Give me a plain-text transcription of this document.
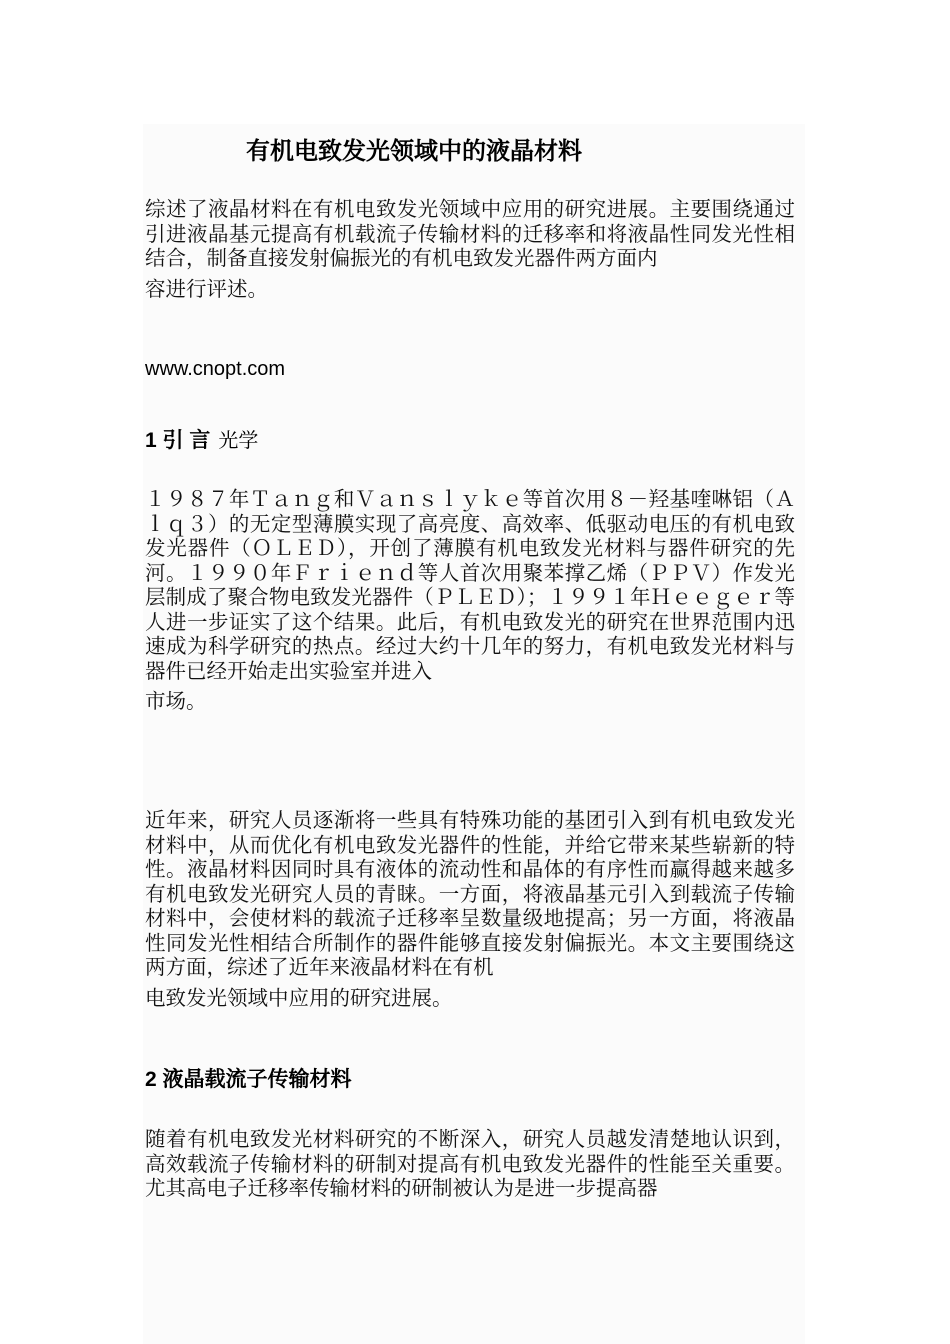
有机电致发光领域中的液晶材料

综述了液晶材料在有机电致发光领域中应用的研究进展。主要围绕通过引进液晶基元提高有机载流子传输材料的迁移率和将液晶性同发光性相结合，制备直接发射偏振光的有机电致发光器件两方面内
容进行评述。

www.cnopt.com

1 引 言 光学

１９８７年Ｔａｎｇ和Ｖａｎｓｌｙｋｅ等首次用８－羟基喹啉铝（Ａｌｑ３）的无定型薄膜实现了高亮度、高效率、低驱动电压的有机电致发光器件（ＯＬＥＤ），开创了薄膜有机电致发光材料与器件研究的先河。１９９０年Ｆｒｉｅｎｄ等人首次用聚苯撑乙烯（ＰＰＶ）作发光层制成了聚合物电致发光器件（ＰＬＥＤ）；１９９１年Ｈｅｅｇｅｒ等人进一步证实了这个结果。此后，有机电致发光的研究在世界范围内迅速成为科学研究的热点。经过大约十几年的努力，有机电致发光材料与器件已经开始走出实验室并进入
市场。

近年来，研究人员逐渐将一些具有特殊功能的基团引入到有机电致发光材料中，从而优化有机电致发光器件的性能，并给它带来某些崭新的特性。液晶材料因同时具有液体的流动性和晶体的有序性而赢得越来越多有机电致发光研究人员的青睐。一方面，将液晶基元引入到载流子传输材料中，会使材料的载流子迁移率呈数量级地提高；另一方面，将液晶性同发光性相结合所制作的器件能够直接发射偏振光。本文主要围绕这两方面，综述了近年来液晶材料在有机
电致发光领域中应用的研究进展。

2 液晶载流子传输材料

随着有机电致发光材料研究的不断深入，研究人员越发清楚地认识到，高效载流子传输材料的研制对提高有机电致发光器件的性能至关重要。尤其高电子迁移率传输材料的研制被认为是进一步提高器
